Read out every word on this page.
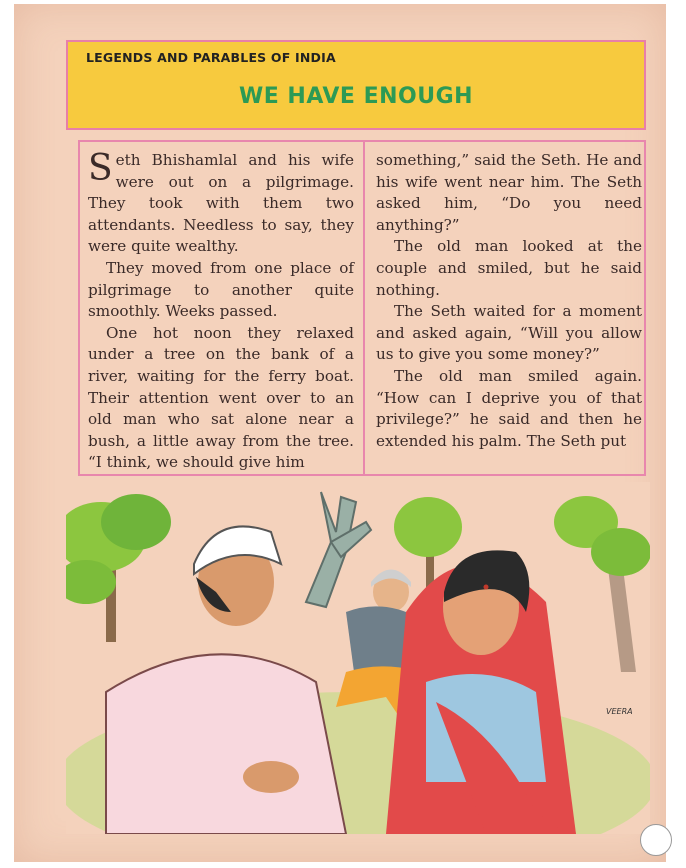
LEGENDS AND PARABLES OF INDIA
WE HAVE ENOUGH

Seth Bhishamlal and his wife were out on a pilgrimage. They took with them two attendants. Needless to say, they were quite wealthy.

They moved from one place of pilgrimage to another quite smoothly. Weeks passed.

One hot noon they relaxed under a tree on the bank of a river, waiting for the ferry boat. Their attention went over to an old man who sat alone near a bush, a little away from the tree. “I think, we should give him

something,” said the Seth. He and his wife went near him. The Seth asked him, “Do you need anything?”

The old man looked at the couple and smiled, but he said nothing.

The Seth waited for a moment and asked again, “Will you allow us to give you some money?”

The old man smiled again. “How can I deprive you of that privilege?” he said and then he extended his palm. The Seth put

VEERA
